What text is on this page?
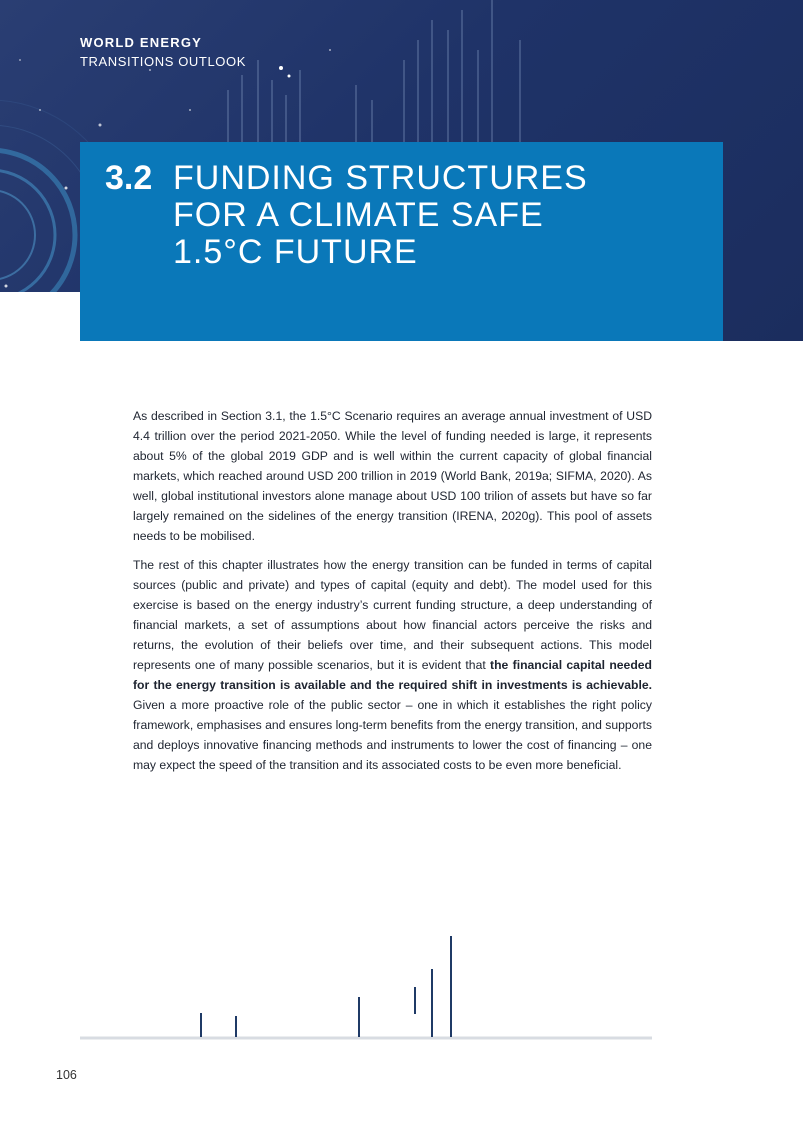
WORLD ENERGY
TRANSITIONS OUTLOOK
3.2 FUNDING STRUCTURES
FOR A CLIMATE SAFE
1.5°C FUTURE

As described in Section 3.1, the 1.5°C Scenario requires an average annual investment of USD 4.4 trillion over the period 2021-2050. While the level of funding needed is large, it represents about 5% of the global 2019 GDP and is well within the current capacity of global financial markets, which reached around USD 200 trillion in 2019 (World Bank, 2019a; SIFMA, 2020). As well, global institutional investors alone manage about USD 100 trilion of assets but have so far largely remained on the sidelines of the energy transition (IRENA, 2020g). This pool of assets needs to be mobilised.

The rest of this chapter illustrates how the energy transition can be funded in terms of capital sources (public and private) and types of capital (equity and debt). The model used for this exercise is based on the energy industry’s current funding structure, a deep understanding of financial markets, a set of assumptions about how financial actors perceive the risks and returns, the evolution of their beliefs over time, and their subsequent actions. This model represents one of many possible scenarios, but it is evident that the financial capital needed for the energy transition is available and the required shift in investments is achievable. Given a more proactive role of the public sector – one in which it establishes the right policy framework, emphasises and ensures long-term benefits from the energy transition, and supports and deploys innovative financing methods and instruments to lower the cost of financing – one may expect the speed of the transition and its associated costs to be even more beneficial.

106
